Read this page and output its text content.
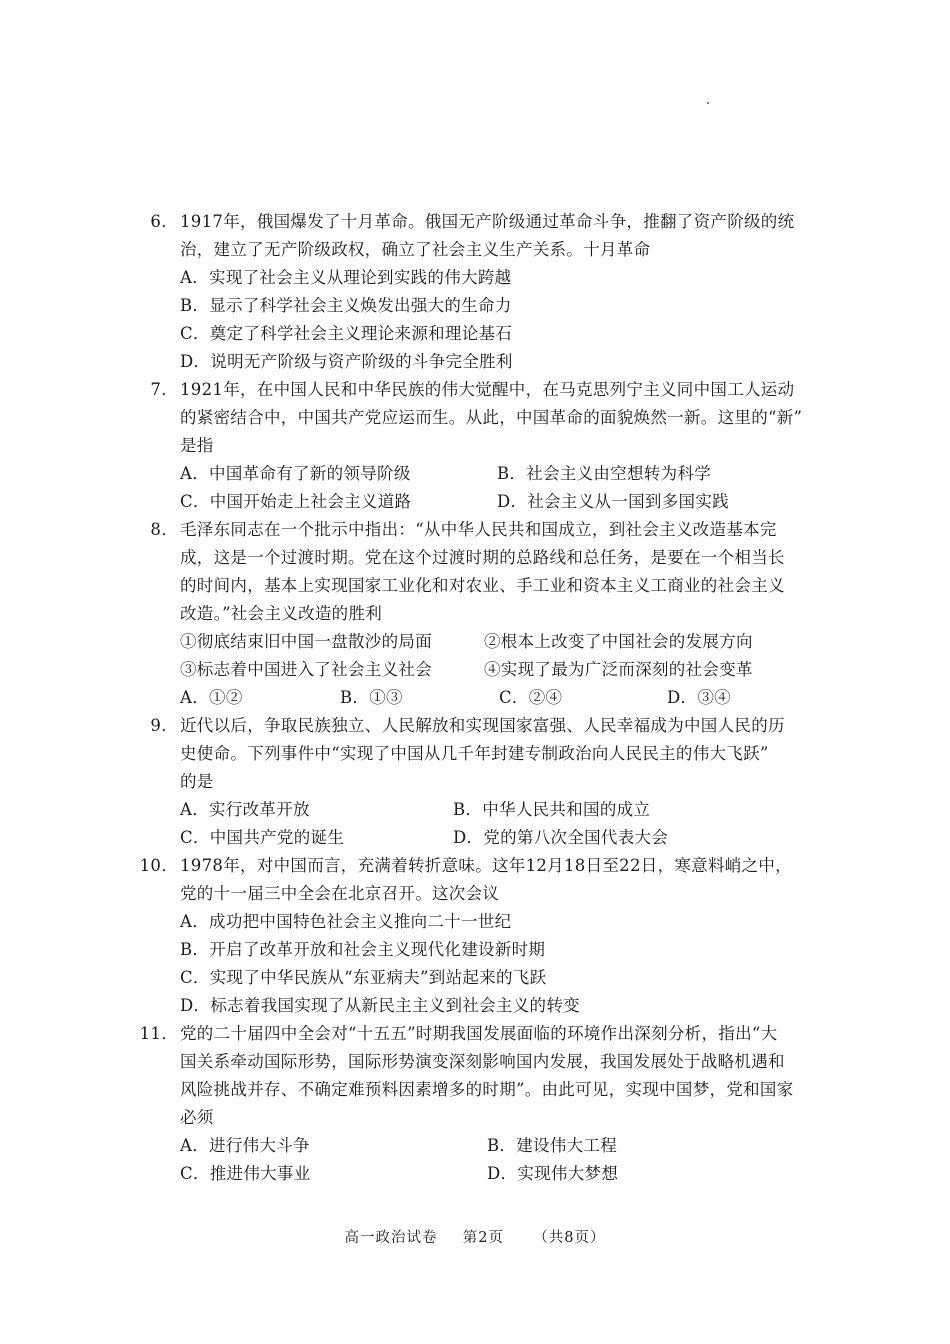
6． 1917年，俄国爆发了十月革命。俄国无产阶级通过革命斗争，推翻了资产阶级的统
治，建立了无产阶级政权，确立了社会主义生产关系。十月革命
A．实现了社会主义从理论到实践的伟大跨越
B．显示了科学社会主义焕发出强大的生命力
C．奠定了科学社会主义理论来源和理论基石
D．说明无产阶级与资产阶级的斗争完全胜利
7． 1921年，在中国人民和中华民族的伟大觉醒中，在马克思列宁主义同中国工人运动
的紧密结合中，中国共产党应运而生。从此，中国革命的面貌焕然一新。这里的“新”
是指
A．中国革命有了新的领导阶级	B．社会主义由空想转为科学
C．中国开始走上社会主义道路	D．社会主义从一国到多国实践
8． 毛泽东同志在一个批示中指出：“从中华人民共和国成立，到社会主义改造基本完
成，这是一个过渡时期。党在这个过渡时期的总路线和总任务，是要在一个相当长
的时间内，基本上实现国家工业化和对农业、手工业和资本主义工商业的社会主义
改造。”社会主义改造的胜利
①彻底结束旧中国一盘散沙的局面	②根本上改变了中国社会的发展方向
③标志着中国进入了社会主义社会	④实现了最为广泛而深刻的社会变革
A．①②	B．①③	C．②④	D．③④
9． 近代以后，争取民族独立、人民解放和实现国家富强、人民幸福成为中国人民的历
史使命。下列事件中“实现了中国从几千年封建专制政治向人民民主的伟大飞跃”
的是
A．实行改革开放	B．中华人民共和国的成立
C．中国共产党的诞生	D．党的第八次全国代表大会
10． 1978年，对中国而言，充满着转折意味。这年12月18日至22日，寒意料峭之中，
党的十一届三中全会在北京召开。这次会议
A．成功把中国特色社会主义推向二十一世纪
B．开启了改革开放和社会主义现代化建设新时期
C．实现了中华民族从“东亚病夫”到站起来的飞跃
D．标志着我国实现了从新民主主义到社会主义的转变
11． 党的二十届四中全会对“十五五”时期我国发展面临的环境作出深刻分析，指出“大
国关系牵动国际形势，国际形势演变深刻影响国内发展，我国发展处于战略机遇和
风险挑战并存、不确定难预料因素增多的时期”。由此可见，实现中国梦，党和国家
必须
A．进行伟大斗争	B．建设伟大工程
C．推进伟大事业	D．实现伟大梦想
高一政治试卷 第2页 （共8页）
